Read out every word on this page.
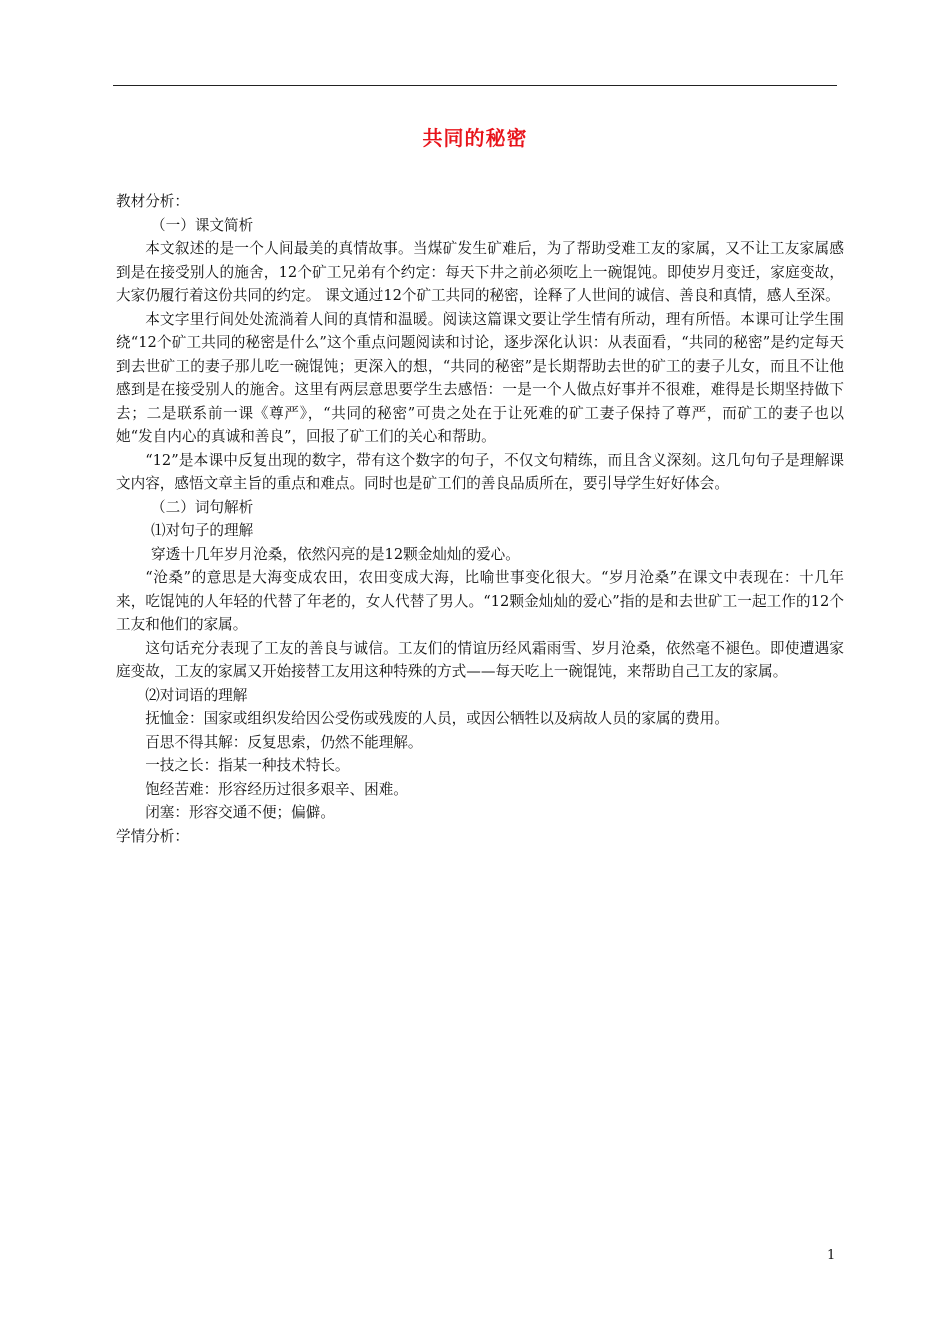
共同的秘密

教材分析：

（一）课文简析

本文叙述的是一个人间最美的真情故事。当煤矿发生矿难后，为了帮助受难工友的家属，又不让工友家属感到是在接受别人的施舍，12个矿工兄弟有个约定：每天下井之前必须吃上一碗馄饨。即使岁月变迁，家庭变故，大家仍履行着这份共同的约定。 课文通过12个矿工共同的秘密，诠释了人世间的诚信、善良和真情，感人至深。

本文字里行间处处流淌着人间的真情和温暖。阅读这篇课文要让学生情有所动，理有所悟。本课可让学生围绕“12个矿工共同的秘密是什么”这个重点问题阅读和讨论，逐步深化认识：从表面看，“共同的秘密”是约定每天到去世矿工的妻子那儿吃一碗馄饨；更深入的想，“共同的秘密”是长期帮助去世的矿工的妻子儿女，而且不让他感到是在接受别人的施舍。这里有两层意思要学生去感悟：一是一个人做点好事并不很难，难得是长期坚持做下去；二是联系前一课《尊严》，“共同的秘密”可贵之处在于让死难的矿工妻子保持了尊严，而矿工的妻子也以她“发自内心的真诚和善良”，回报了矿工们的关心和帮助。

“12”是本课中反复出现的数字，带有这个数字的句子，不仅文句精练，而且含义深刻。这几句句子是理解课文内容，感悟文章主旨的重点和难点。同时也是矿工们的善良品质所在，要引导学生好好体会。

（二）词句解析

⑴对句子的理解

穿透十几年岁月沧桑，依然闪亮的是12颗金灿灿的爱心。

“沧桑”的意思是大海变成农田，农田变成大海，比喻世事变化很大。“岁月沧桑”在课文中表现在：十几年来，吃馄饨的人年轻的代替了年老的，女人代替了男人。“12颗金灿灿的爱心”指的是和去世矿工一起工作的12个工友和他们的家属。

这句话充分表现了工友的善良与诚信。工友们的情谊历经风霜雨雪、岁月沧桑，依然毫不褪色。即使遭遇家庭变故，工友的家属又开始接替工友用这种特殊的方式——每天吃上一碗馄饨，来帮助自己工友的家属。

⑵对词语的理解

抚恤金：国家或组织发给因公受伤或残废的人员，或因公牺牲以及病故人员的家属的费用。

百思不得其解：反复思索，仍然不能理解。

一技之长：指某一种技术特长。

饱经苦难：形容经历过很多艰辛、困难。

闭塞：形容交通不便；偏僻。

学情分析：

1
